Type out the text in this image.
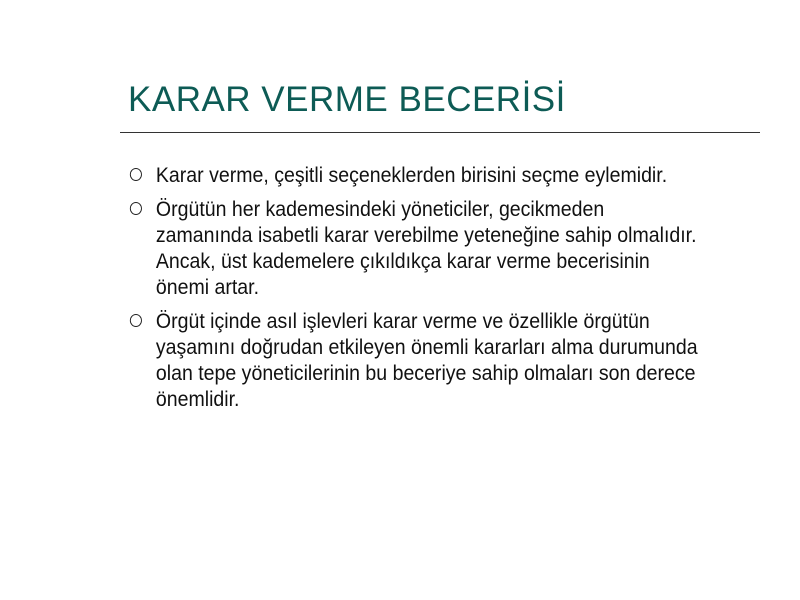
KARAR VERME BECERİSİ
Karar verme, çeşitli seçeneklerden birisini seçme eylemidir.
Örgütün her kademesindeki yöneticiler, gecikmeden zamanında isabetli karar verebilme yeteneğine sahip olmalıdır. Ancak, üst kademelere çıkıldıkça karar verme becerisinin önemi artar.
Örgüt içinde asıl işlevleri karar verme ve özellikle örgütün yaşamını doğrudan etkileyen önemli kararları alma durumunda olan tepe yöneticilerinin bu beceriye sahip olmaları son derece önemlidir.
